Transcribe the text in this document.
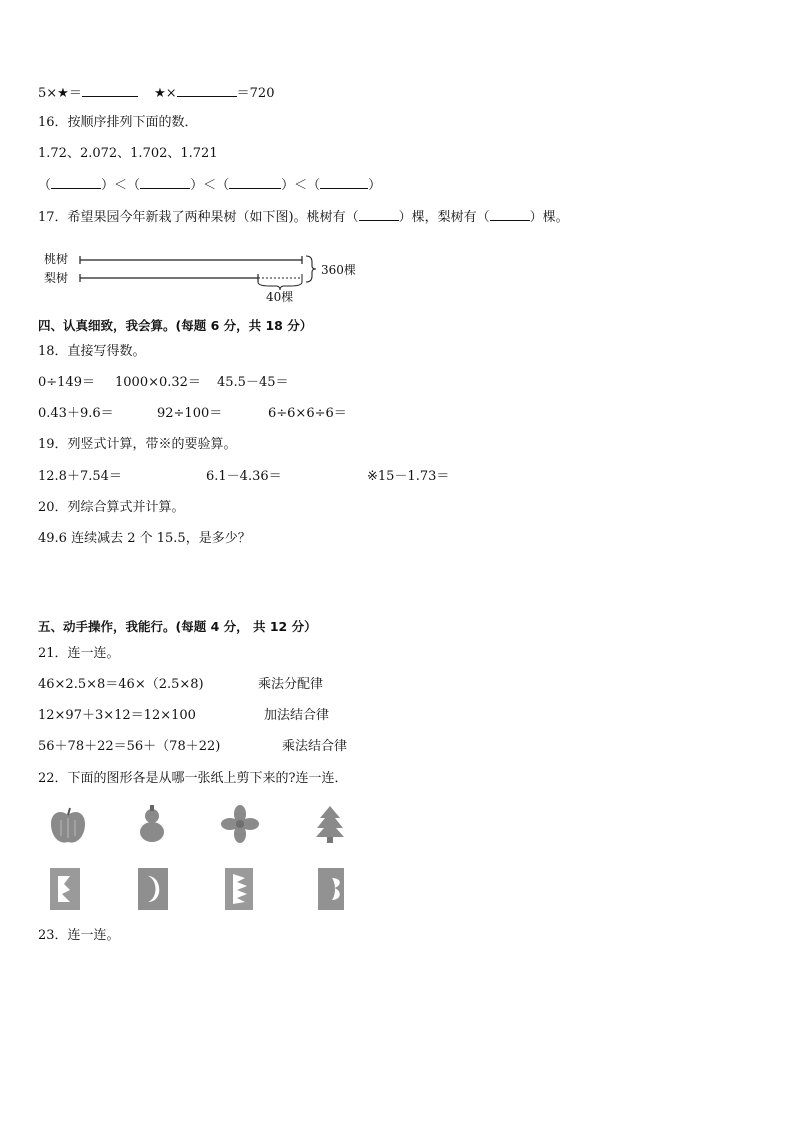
5×★＝	★×	＝720
16．按顺序排列下面的数．
1.72、2.072、1.702、1.721
（	）＜（	）＜（	）＜（	）
17．希望果园今年新栽了两种果树（如下图)。桃树有（	）棵，梨树有（	）棵。
桃树
梨树
360棵
40棵
四、认真细致，我会算。(每题 6 分，共 18 分）
18．直接写得数。
0÷149＝ 1000×0.32＝ 45.5－45＝
0.43＋9.6＝	92÷100＝	6÷6×6÷6＝
19．列竖式计算，带※的要验算。
12.8＋7.54＝	6.1－4.36＝	※15－1.73＝
20．列综合算式并计算。
49.6 连续减去 2 个 15.5，是多少？
五、动手操作，我能行。(每题 4 分， 共 12 分）
21．连一连。
46×2.5×8＝46×（2.5×8)
12×97＋3×12＝12×100
56＋78＋22＝56＋（78＋22)
乘法分配律
加法结合律
乘法结合律
22．下面的图形各是从哪一张纸上剪下来的?连一连．
23．连一连。
